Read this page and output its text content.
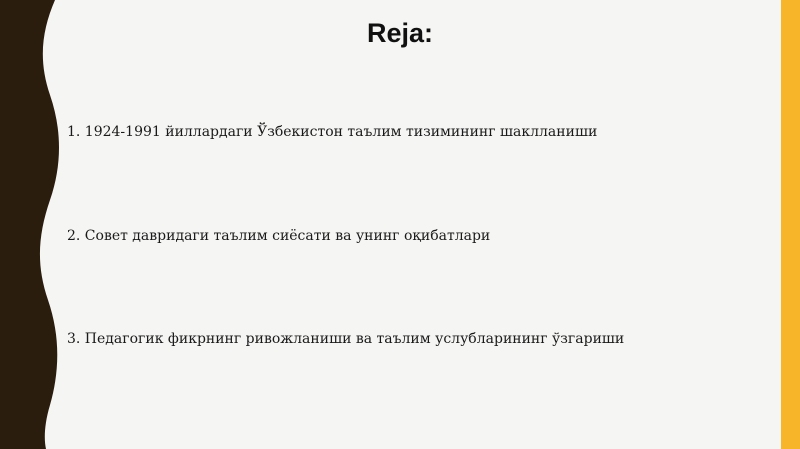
Reja:
1. 1924-1991 йиллардаги Ўзбекистон таълим тизимининг шаклланиши
2. Совет давридаги таълим сиёсати ва унинг оқибатлари
3. Педагогик фикрнинг ривожланиши ва таълим услубларининг ўзгариши
